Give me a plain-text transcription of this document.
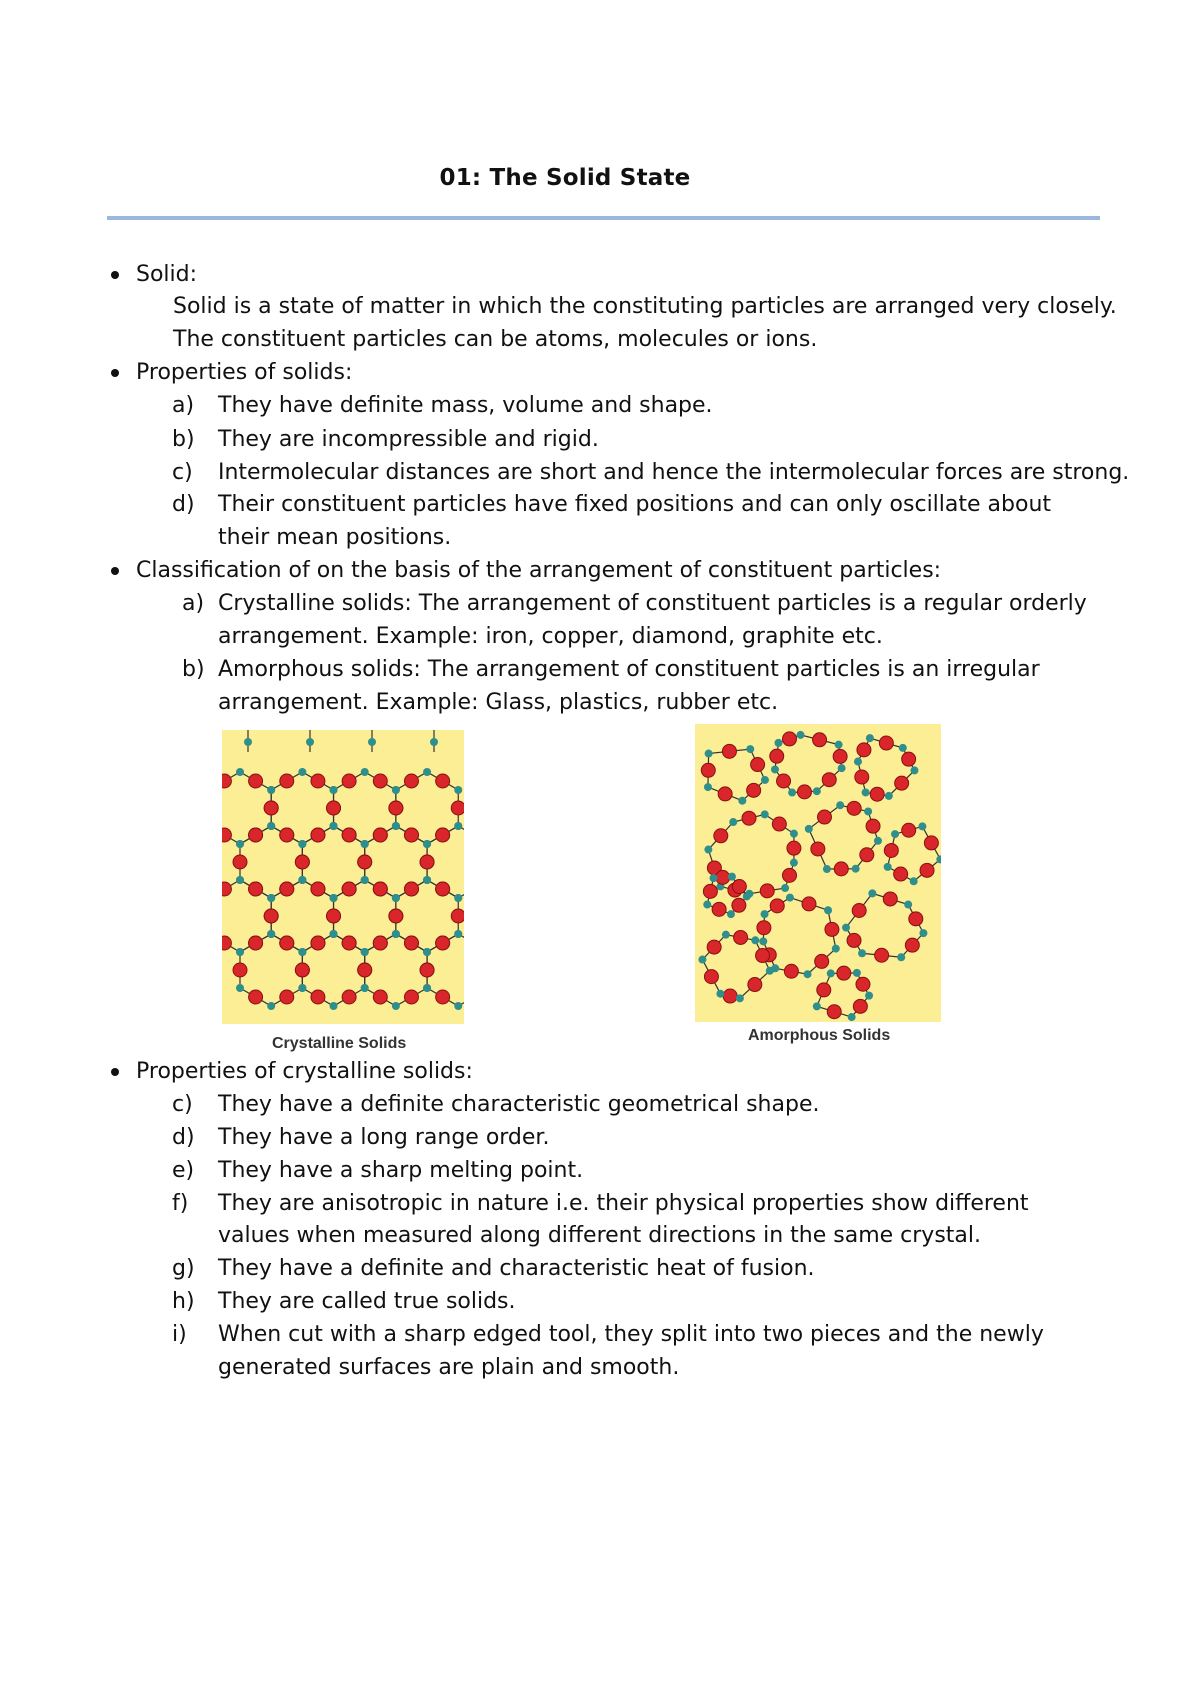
01: The Solid State
Solid:
Solid is a state of matter in which the constituting particles are arranged very closely.
The constituent particles can be atoms, molecules or ions.
Properties of solids:
a) They have definite mass, volume and shape.
b) They are incompressible and rigid.
c) Intermolecular distances are short and hence the intermolecular forces are strong.
d) Their constituent particles have fixed positions and can only oscillate about
their mean positions.
Classification of on the basis of the arrangement of constituent particles:
a) Crystalline solids: The arrangement of constituent particles is a regular orderly
arrangement. Example: iron, copper, diamond, graphite etc.
b) Amorphous solids: The arrangement of constituent particles is an irregular
arrangement. Example: Glass, plastics, rubber etc.
Crystalline Solids	Amorphous Solids
Properties of crystalline solids:
c) They have a definite characteristic geometrical shape.
d) They have a long range order.
e) They have a sharp melting point.
f) They are anisotropic in nature i.e. their physical properties show different
values when measured along different directions in the same crystal.
g) They have a definite and characteristic heat of fusion.
h) They are called true solids.
i) When cut with a sharp edged tool, they split into two pieces and the newly
generated surfaces are plain and smooth.
